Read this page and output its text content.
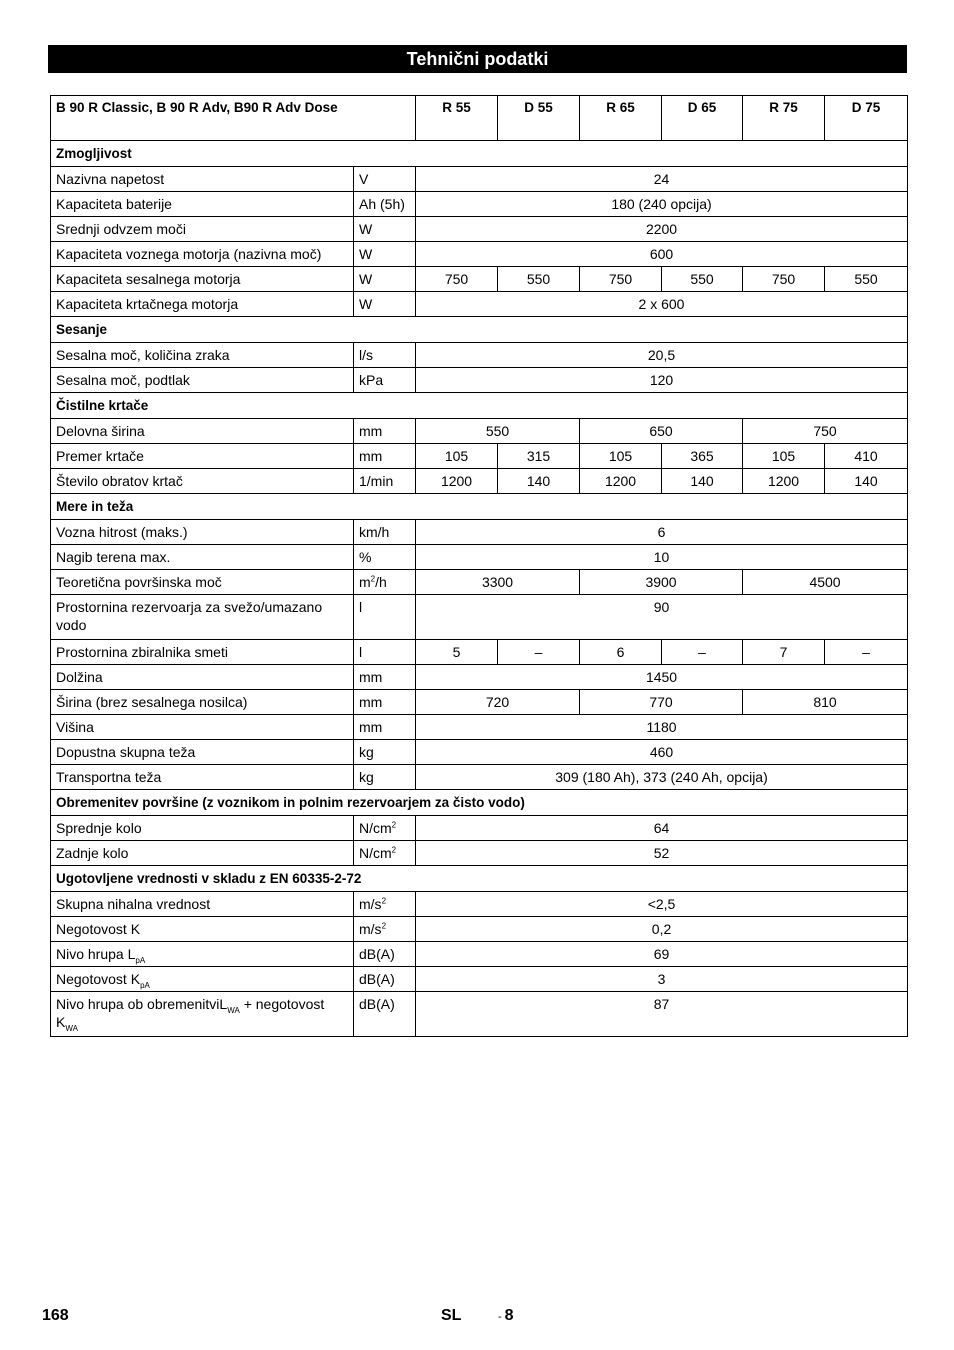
Tehnični podatki
B 90 R Classic, B 90 R Adv, B90 R Adv Dose		R 55	D 55	R 65	D 65	R 75	D 75
Zmogljivost							
Nazivna napetost	V	24					
Kapaciteta baterije	Ah (5h)	180 (240 opcija)					
Srednji odvzem moči	W	2200					
Kapaciteta voznega motorja (nazivna moč)	W	600					
Kapaciteta sesalnega motorja	W	750	550	750	550	750	550
Kapaciteta krtačnega motorja	W	2 x 600					
Sesanje							
Sesalna moč, količina zraka	l/s	20,5					
Sesalna moč, podtlak	kPa	120					
Čistilne krtače							
Delovna širina	mm	550		650		750	
Premer krtače	mm	105	315	105	365	105	410
Število obratov krtač	1/min	1200	140	1200	140	1200	140
Mere in teža							
Vozna hitrost (maks.)	km/h	6					
Nagib terena max.	%	10					
Teoretična površinska moč	$m^2/h$	3300		3900		4500	
Prostornina rezervoarja za svežo/umazano vodo	l	90					
Prostornina zbiralnika smeti	l	5	–	6	–	7	–
Dolžina	mm	1450					
Širina (brez sesalnega nosilca)	mm	720		770		810	
Višina	mm	1180					
Dopustna skupna teža	kg	460					
Transportna teža	kg	309 (180 Ah), 373 (240 Ah, opcija)					
Obremenitev površine (z voznikom in polnim rezervoarjem za čisto vodo)							
Sprednje kolo	$N/cm^2$	64					
Zadnje kolo	$N/cm^2$	52					
Ugotovljene vrednosti v skladu z EN 60335-2-72							
Skupna nihalna vrednost	$m/s^2$	<2,5					
Negotovost K	$m/s^2$	0,2					
Nivo hrupa $L_{pA}$	dB(A)	69					
Negotovost $K_{pA}$	dB(A)	3					
Nivo hrupa ob obremenitviL$_{WA}$ + negotovost $K_{WA}$	dB(A)	87					
168	SL	- 8
